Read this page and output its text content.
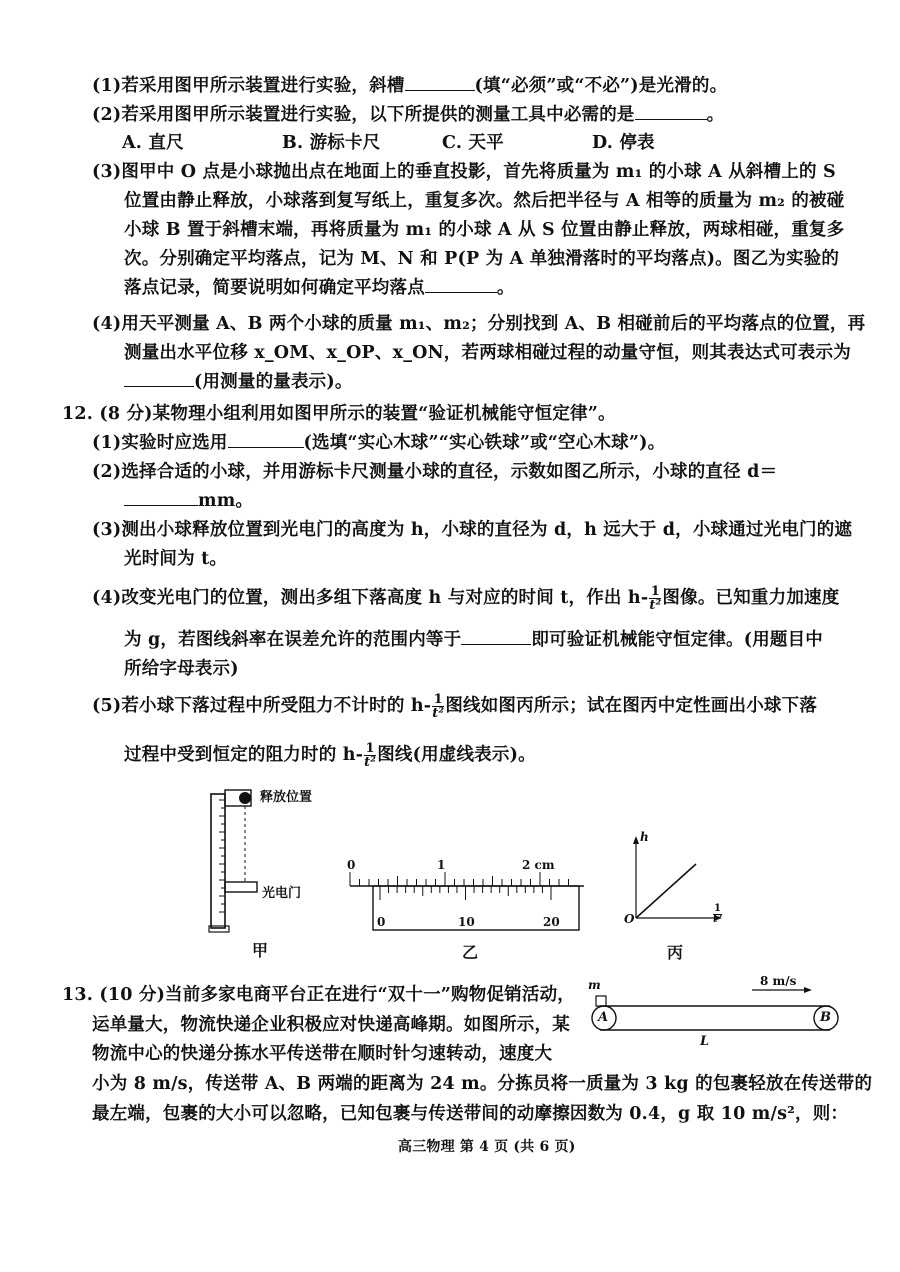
(1)若采用图甲所示装置进行实验，斜槽	(填“必须”或“不必”)是光滑的。
(2)若采用图甲所示装置进行实验，以下所提供的测量工具中必需的是	。
A. 直尺	B. 游标卡尺	C. 天平	D. 停表
(3)图甲中 O 点是小球抛出点在地面上的垂直投影，首先将质量为 m₁ 的小球 A 从斜槽上的 S
位置由静止释放，小球落到复写纸上，重复多次。然后把半径与 A 相等的质量为 m₂ 的被碰
小球 B 置于斜槽末端，再将质量为 m₁ 的小球 A 从 S 位置由静止释放，两球相碰，重复多
次。分别确定平均落点，记为 M、N 和 P(P 为 A 单独滑落时的平均落点)。图乙为实验的
落点记录，简要说明如何确定平均落点	。
(4)用天平测量 A、B 两个小球的质量 m₁、m₂；分别找到 A、B 相碰前后的平均落点的位置，再
测量出水平位移 x_OM、x_OP、x_ON，若两球相碰过程的动量守恒，则其表达式可表示为
(用测量的量表示)。
12. (8 分)某物理小组利用如图甲所示的装置“验证机械能守恒定律”。
(1)实验时应选用	(选填“实心木球”“实心铁球”或“空心木球”)。
(2)选择合适的小球，并用游标卡尺测量小球的直径，示数如图乙所示，小球的直径 d＝
mm。
(3)测出小球释放位置到光电门的高度为 h，小球的直径为 d，h 远大于 d，小球通过光电门的遮
光时间为 t。
(4)改变光电门的位置，测出多组下落高度 h 与对应的时间 t，作出 $h- \frac{1}{\text{t²}}$ 图像。已知重力加速度
为 g，若图线斜率在误差允许的范围内等于	即可验证机械能守恒定律。(用题目中
所给字母表示)
(5)若小球下落过程中所受阻力不计时的 $h- \frac{1}{\text{t²}}$ 图线如图丙所示；试在图丙中定性画出小球下落
过程中受到恒定的阻力时的 $h- \frac{1}{\text{t²}}$ 图线(用虚线表示)。
释放位置
光电门
甲
0	1	2 cm
0	10	20
乙
h
O	$\frac{1}{\text{t²}}$
丙
13. (10 分)当前多家电商平台正在进行“双十一”购物促销活动，
运单量大，物流快递企业积极应对快递高峰期。如图所示，某
物流中心的快递分拣水平传送带在顺时针匀速转动，速度大
小为 8 m/s，传送带 A、B 两端的距离为 24 m。分拣员将一质量为 3 kg 的包裹轻放在传送带的
最左端，包裹的大小可以忽略，已知包裹与传送带间的动摩擦因数为 0.4，g 取 10 m/s²，则：
m	8 m/s
A	B
L
高三物理 第 4 页 (共 6 页)
